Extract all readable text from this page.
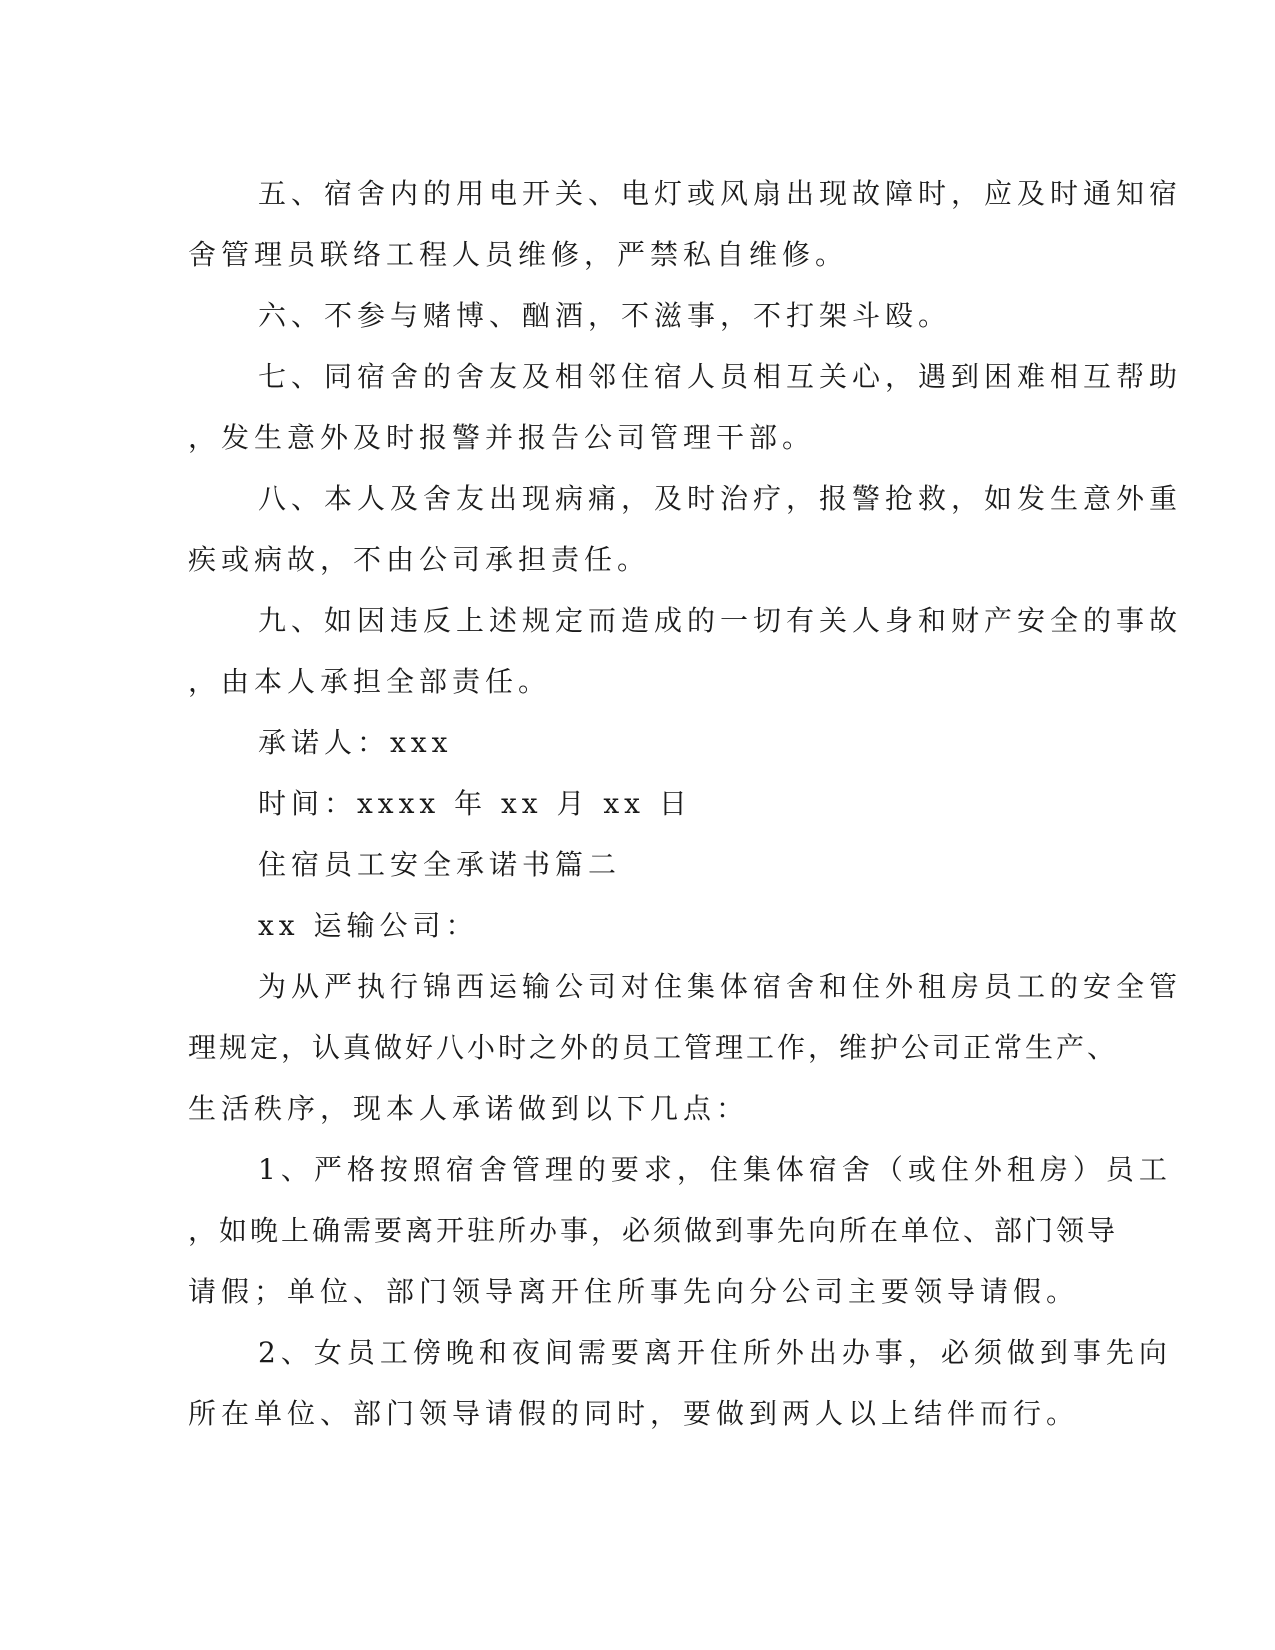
五、宿舍内的用电开关、电灯或风扇出现故障时，应及时通知宿
舍管理员联络工程人员维修，严禁私自维修。
六、不参与赌博、酗酒，不滋事，不打架斗殴。
七、同宿舍的舍友及相邻住宿人员相互关心，遇到困难相互帮助
，发生意外及时报警并报告公司管理干部。
八、本人及舍友出现病痛，及时治疗，报警抢救，如发生意外重
疾或病故，不由公司承担责任。
九、如因违反上述规定而造成的一切有关人身和财产安全的事故
，由本人承担全部责任。
承诺人：xxx
时间：xxxx 年 xx 月 xx 日
住宿员工安全承诺书篇二
xx 运输公司：
为从严执行锦西运输公司对住集体宿舍和住外租房员工的安全管
理规定，认真做好八小时之外的员工管理工作，维护公司正常生产、
生活秩序，现本人承诺做到以下几点：
1、严格按照宿舍管理的要求，住集体宿舍（或住外租房）员工
，如晚上确需要离开驻所办事，必须做到事先向所在单位、部门领导
请假；单位、部门领导离开住所事先向分公司主要领导请假。
2、女员工傍晚和夜间需要离开住所外出办事，必须做到事先向
所在单位、部门领导请假的同时，要做到两人以上结伴而行。
